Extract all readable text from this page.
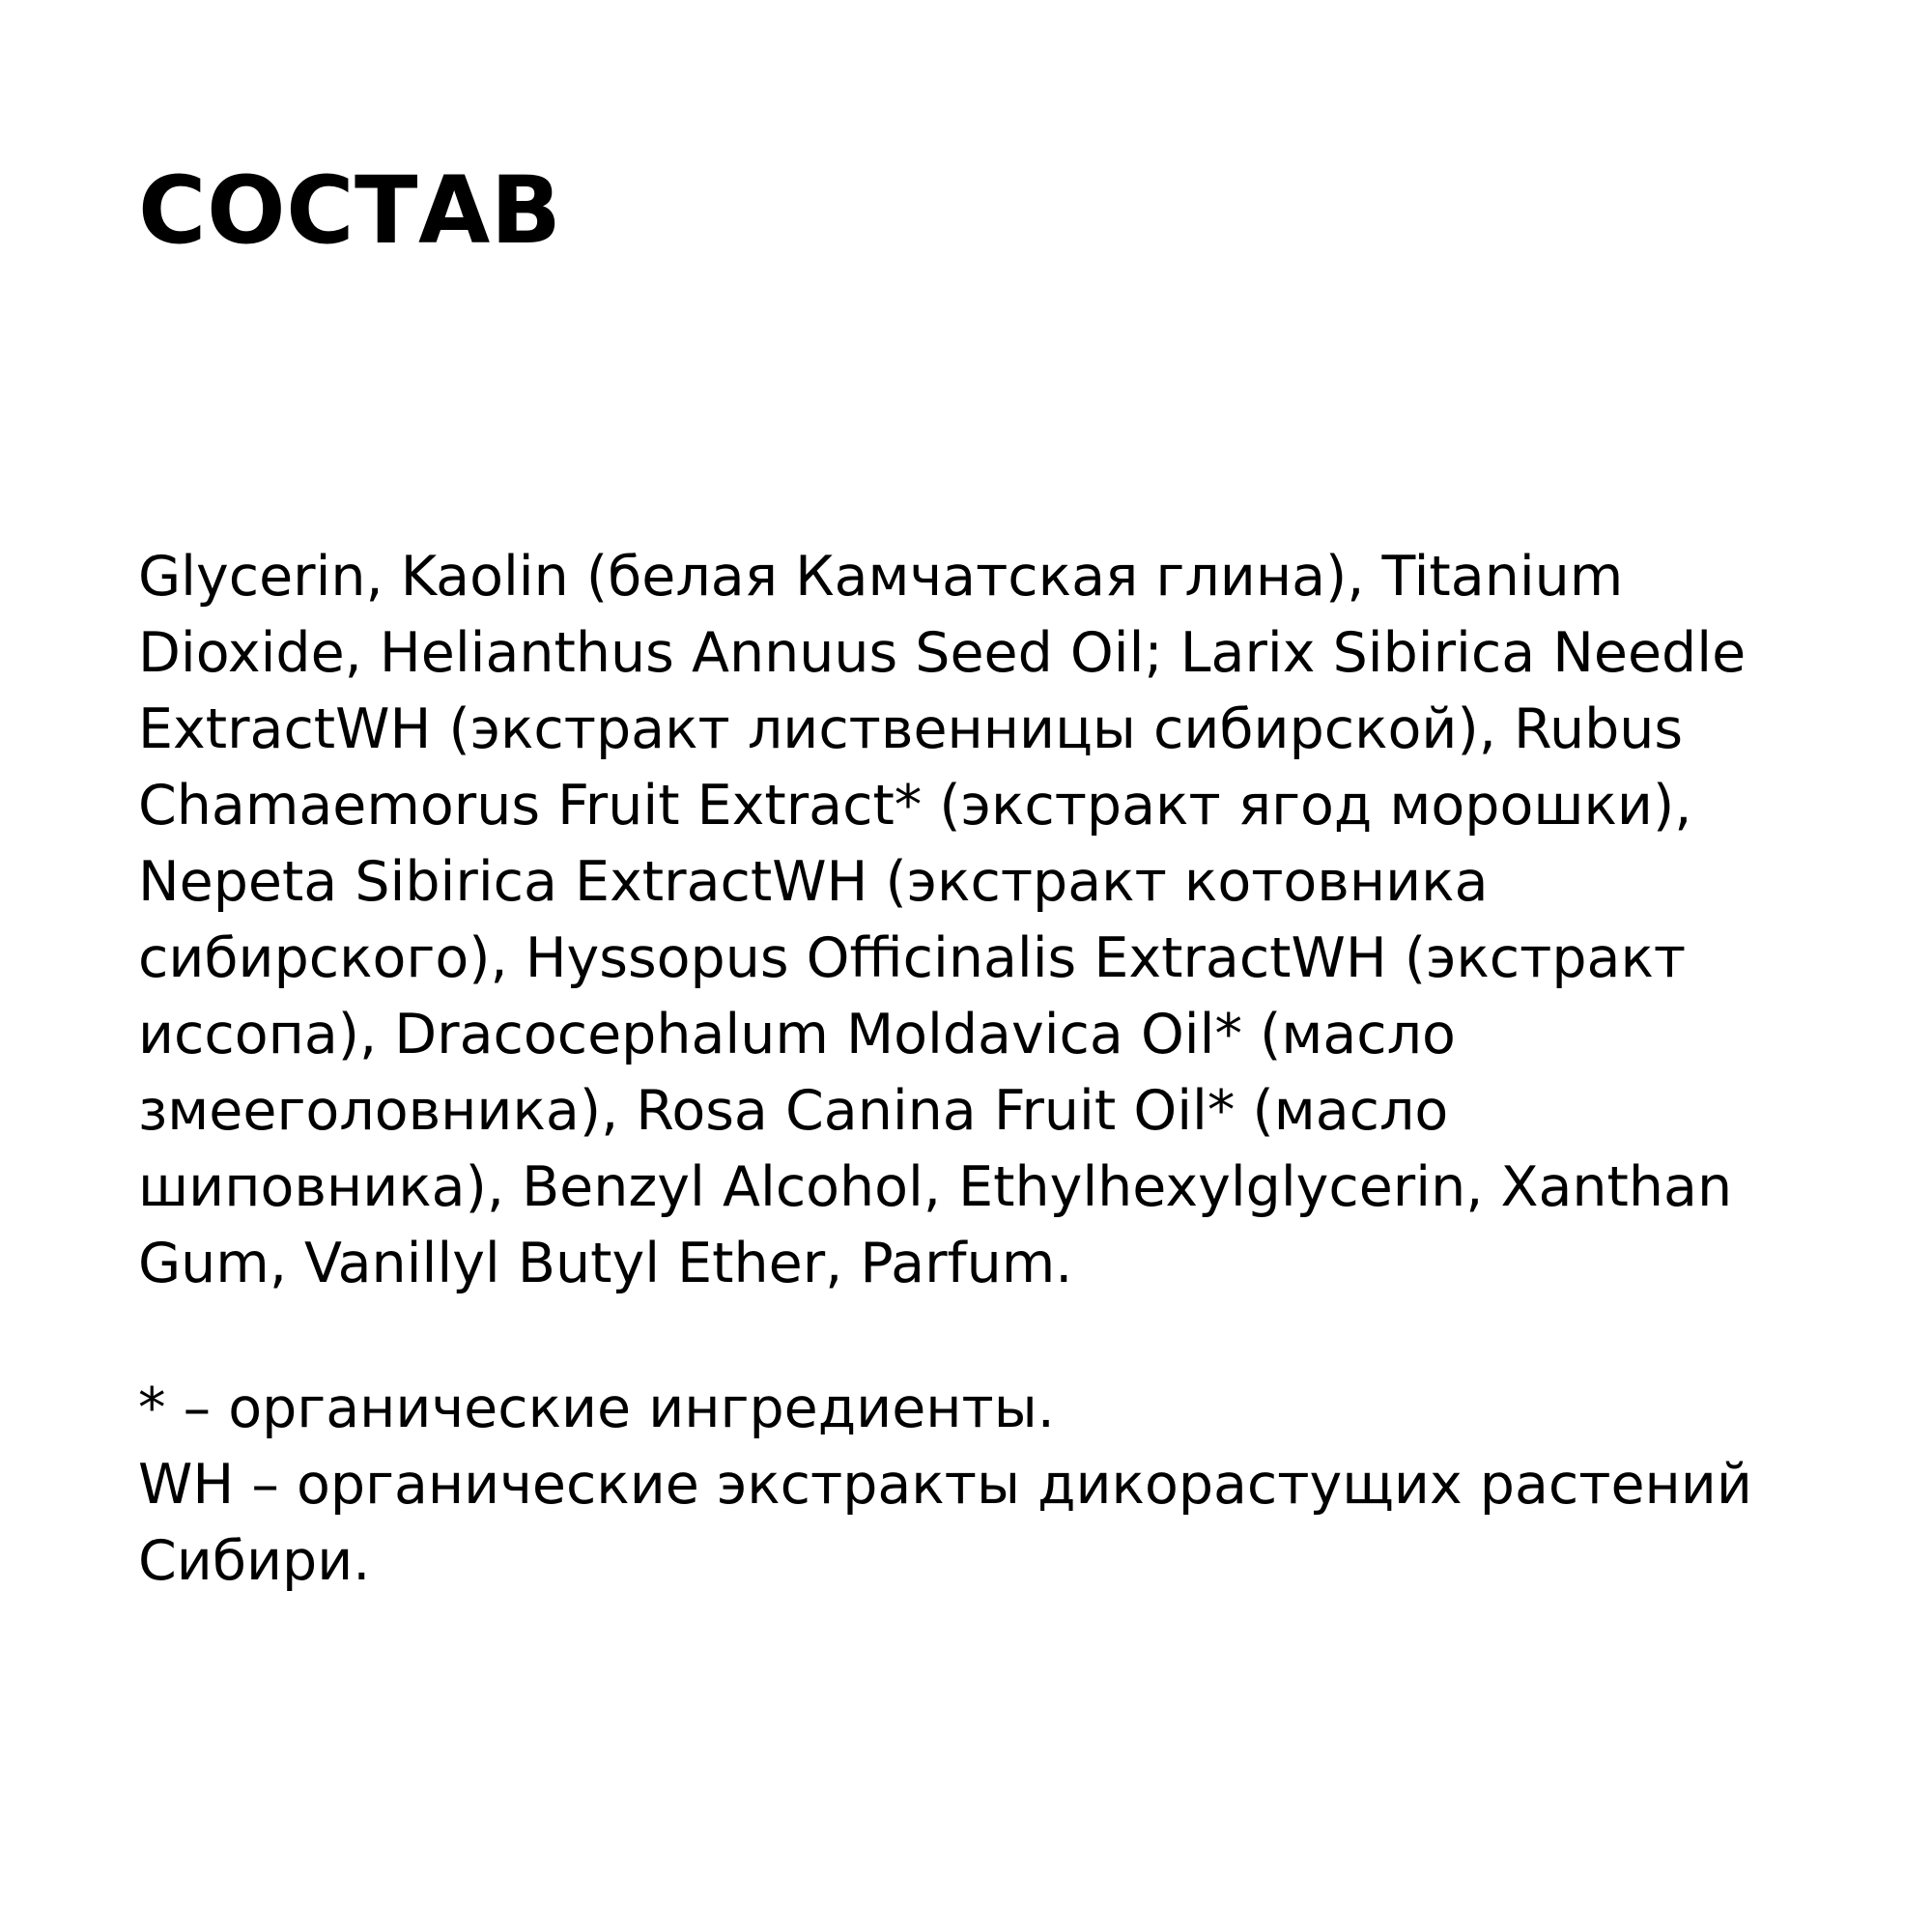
СОСТАВ

Glycerin, Kaolin (белая Камчатская глина), Titanium
Dioxide, Helianthus Annuus Seed Oil; Larix Sibirica Needle
ExtractWH (экстракт лиственницы сибирской), Rubus
Chamaemorus Fruit Extract* (экстракт ягод морошки),
Nepeta Sibirica ExtractWH (экстракт котовника
сибирского), Hyssopus Officinalis ExtractWH (экстракт
иссопа), Dracocephalum Moldavica Oil* (масло
змееголовника), Rosa Canina Fruit Oil* (масло
шиповника), Benzyl Alcohol, Ethylhexylglycerin, Xanthan
Gum, Vanillyl Butyl Ether, Parfum.

* – органические ингредиенты.
WH – органические экстракты дикорастущих растений
Сибири.
